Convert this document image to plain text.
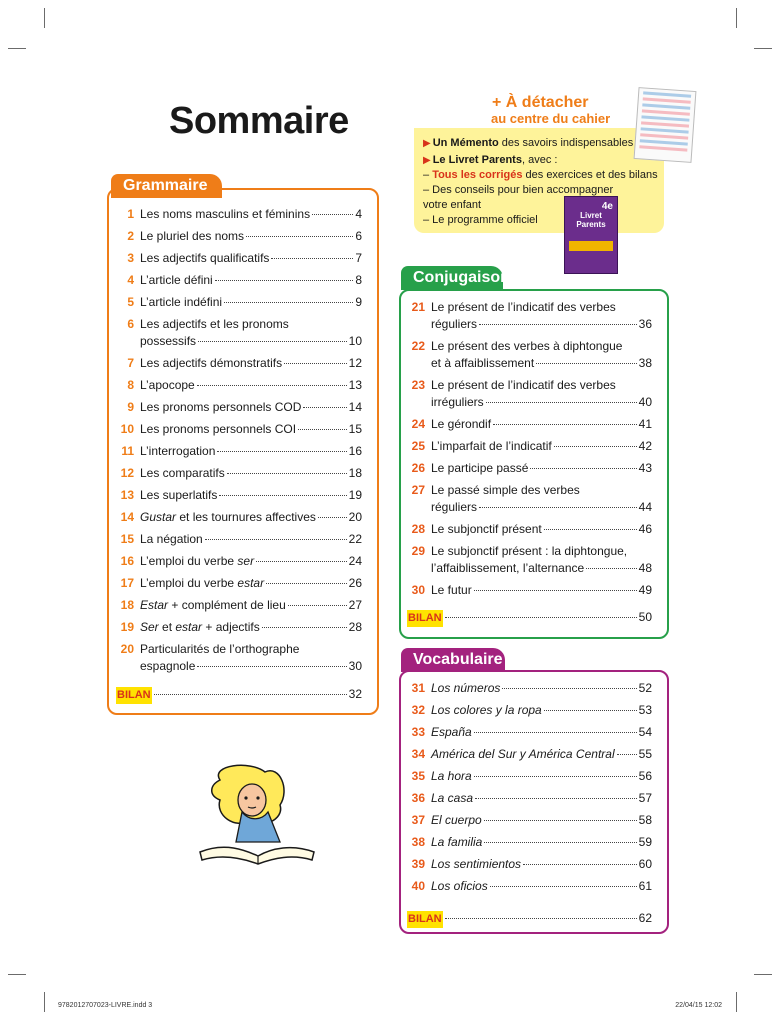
Sommaire	+ À détacher
au centre du cahier
▶ Un Mémento des savoirs indispensables
▶ Le Livret Parents, avec :
– Tous les corrigés des exercices et des bilans
– Des conseils pour bien accompagner
votre enfant
– Le programme officiel
4e
Livret Parents
Grammaire
1 Les noms masculins et féminins	4
2 Le pluriel des noms	6
3 Les adjectifs qualificatifs	7
4 L’article défini	8
5 L’article indéfini	9
6 Les adjectifs et les pronoms
possessifs	10
7 Les adjectifs démonstratifs	12
8 L’apocope	13
9 Les pronoms personnels COD	14
10 Les pronoms personnels COI	15
11 L’interrogation	16
12 Les comparatifs	18
13 Les superlatifs	19
14 Gustar et les tournures affectives	20
15 La négation	22
16 L’emploi du verbe ser	24
17 L’emploi du verbe estar	26
18 Estar + complément de lieu	27
19 Ser et estar + adjectifs	28
20 Particularités de l’orthographe
espagnole	30
BILAN	32
Conjugaison
21 Le présent de l’indicatif des verbes
réguliers	36
22 Le présent des verbes à diphtongue
et à affaiblissement	38
23 Le présent de l’indicatif des verbes
irréguliers	40
24 Le gérondif	41
25 L’imparfait de l’indicatif	42
26 Le participe passé	43
27 Le passé simple des verbes
réguliers	44
28 Le subjonctif présent	46
29 Le subjonctif présent : la diphtongue,
l’affaiblissement, l’alternance	48
30 Le futur	49
BILAN	50
Vocabulaire
31 Los números	52
32 Los colores y la ropa	53
33 España	54
34 América del Sur y América Central 55
35 La hora	56
36 La casa	57
37 El cuerpo	58
38 La familia	59
39 Los sentimientos	60
40 Los oficios	61
BILAN	62
9782012707023-LIVRE.indd 3	22/04/15 12:02
